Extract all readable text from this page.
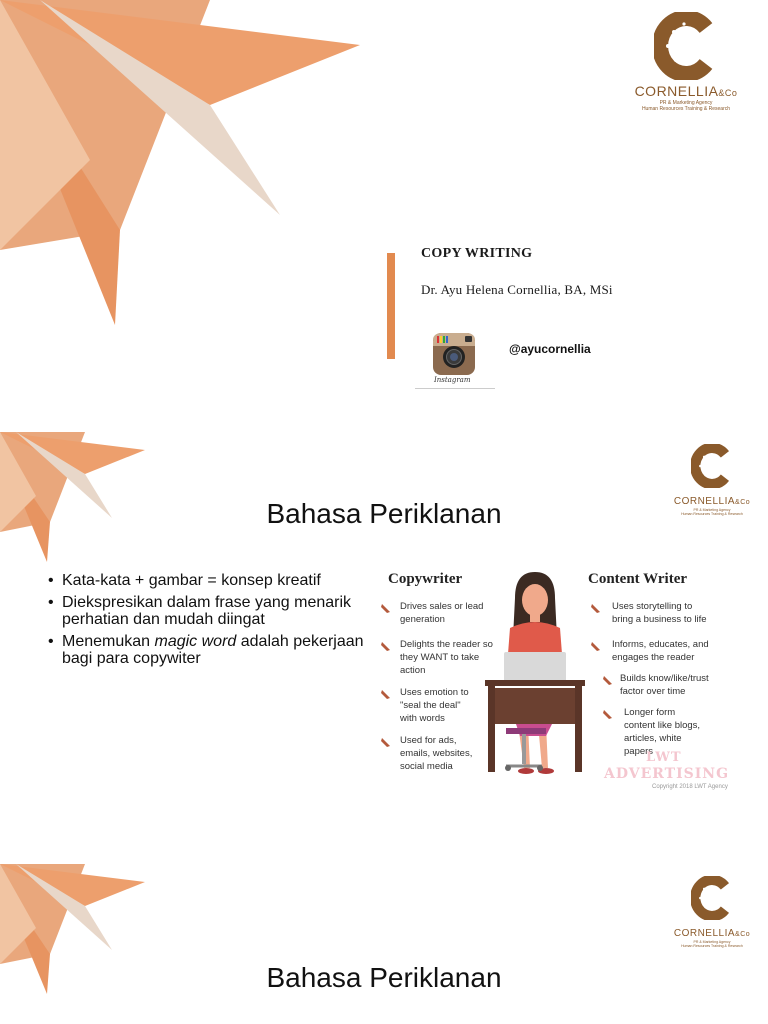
CORNELLIA&Co
PR & Marketing Agency
Human Resources Training & Research
COPY WRITING
Dr. Ayu Helena Cornellia, BA, MSi
Instagram
@ayucornellia
CORNELLIA&Co
PR & Marketing Agency
Human Resources Training & Research
Bahasa Periklanan
• Kata-kata + gambar = konsep kreatif
• Diekspresikan dalam frase yang menarik perhatian dan mudah diingat
• Menemukan magic word adalah pekerjaan bagi para copywiter
Copywriter	Content Writer
Drives sales or lead generation
Delights the reader so they WANT to take action
Uses emotion to "seal the deal" with words
Used for ads, emails, websites, social media
Uses storytelling to bring a business to life
Informs, educates, and engages the reader
Builds know/like/trust factor over time
Longer form content like blogs, articles, white papers
LWT
ADVERTISING
Copyright 2018 LWT Agency
CORNELLIA&Co
PR & Marketing Agency
Human Resources Training & Research
Bahasa Periklanan
